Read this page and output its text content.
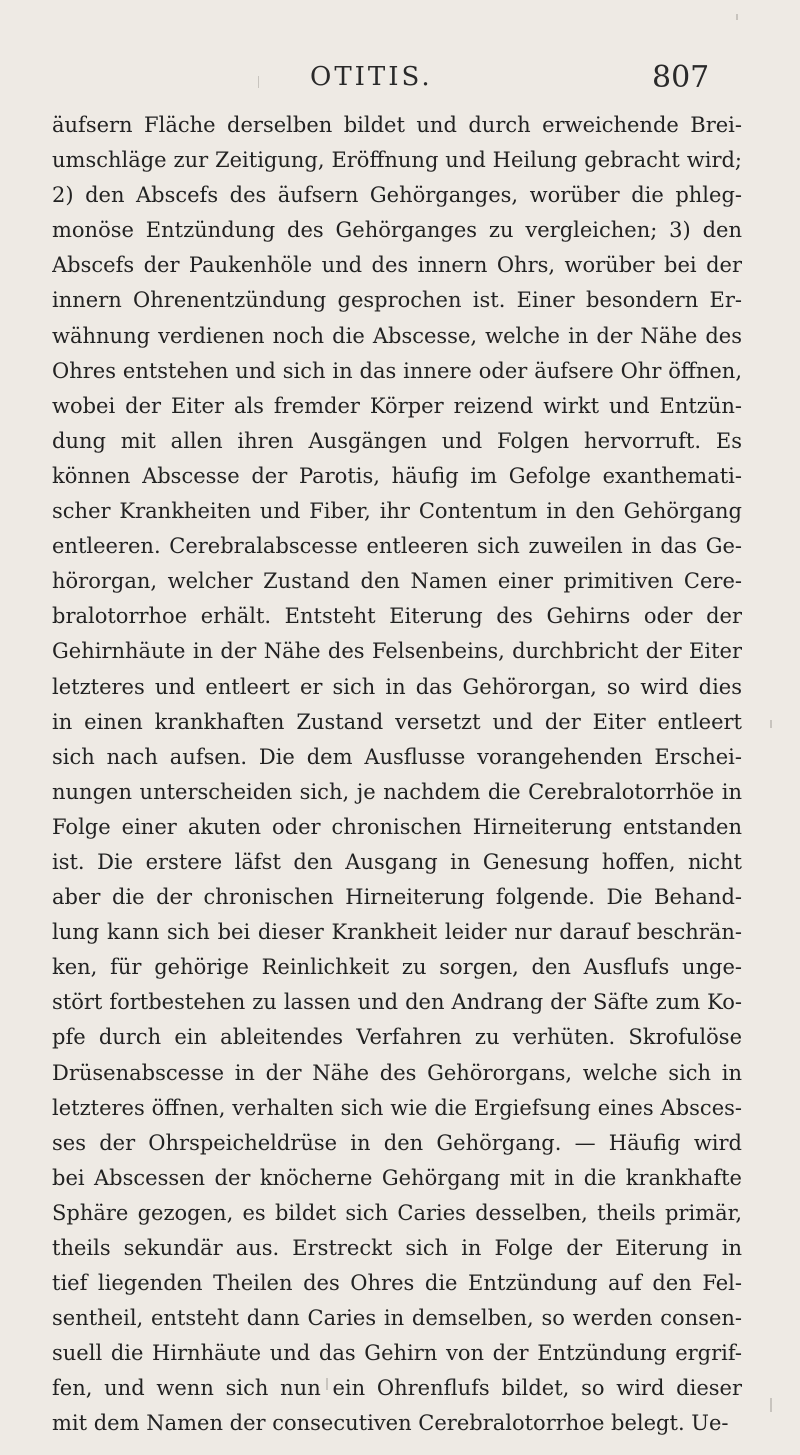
OTITIS.	807
äufsern Fläche derselben bildet und durch erweichende Brei-
umschläge zur Zeitigung, Eröffnung und Heilung gebracht wird;
2) den Abscefs des äufsern Gehörganges, worüber die phleg-
monöse Entzündung des Gehörganges zu vergleichen; 3) den
Abscefs der Paukenhöle und des innern Ohrs, worüber bei der
innern Ohrenentzündung gesprochen ist. Einer besondern Er-
wähnung verdienen noch die Abscesse, welche in der Nähe des
Ohres entstehen und sich in das innere oder äufsere Ohr öffnen,
wobei der Eiter als fremder Körper reizend wirkt und Entzün-
dung mit allen ihren Ausgängen und Folgen hervorruft. Es
können Abscesse der Parotis, häufig im Gefolge exanthemati-
scher Krankheiten und Fiber, ihr Contentum in den Gehörgang
entleeren. Cerebralabscesse entleeren sich zuweilen in das Ge-
hörorgan, welcher Zustand den Namen einer primitiven Cere-
bralotorrhoe erhält. Entsteht Eiterung des Gehirns oder der
Gehirnhäute in der Nähe des Felsenbeins, durchbricht der Eiter
letzteres und entleert er sich in das Gehörorgan, so wird dies
in einen krankhaften Zustand versetzt und der Eiter entleert
sich nach aufsen. Die dem Ausflusse vorangehenden Erschei-
nungen unterscheiden sich, je nachdem die Cerebralotorrhöe in
Folge einer akuten oder chronischen Hirneiterung entstanden
ist. Die erstere läfst den Ausgang in Genesung hoffen, nicht
aber die der chronischen Hirneiterung folgende. Die Behand-
lung kann sich bei dieser Krankheit leider nur darauf beschrän-
ken, für gehörige Reinlichkeit zu sorgen, den Ausflufs unge-
stört fortbestehen zu lassen und den Andrang der Säfte zum Ko-
pfe durch ein ableitendes Verfahren zu verhüten. Skrofulöse
Drüsenabscesse in der Nähe des Gehörorgans, welche sich in
letzteres öffnen, verhalten sich wie die Ergiefsung eines Absces-
ses der Ohrspeicheldrüse in den Gehörgang. — Häufig wird
bei Abscessen der knöcherne Gehörgang mit in die krankhafte
Sphäre gezogen, es bildet sich Caries desselben, theils primär,
theils sekundär aus. Erstreckt sich in Folge der Eiterung in
tief liegenden Theilen des Ohres die Entzündung auf den Fel-
sentheil, entsteht dann Caries in demselben, so werden consen-
suell die Hirnhäute und das Gehirn von der Entzündung ergrif-
fen, und wenn sich nun ein Ohrenflufs bildet, so wird dieser
mit dem Namen der consecutiven Cerebralotorrhoe belegt. Ue-
